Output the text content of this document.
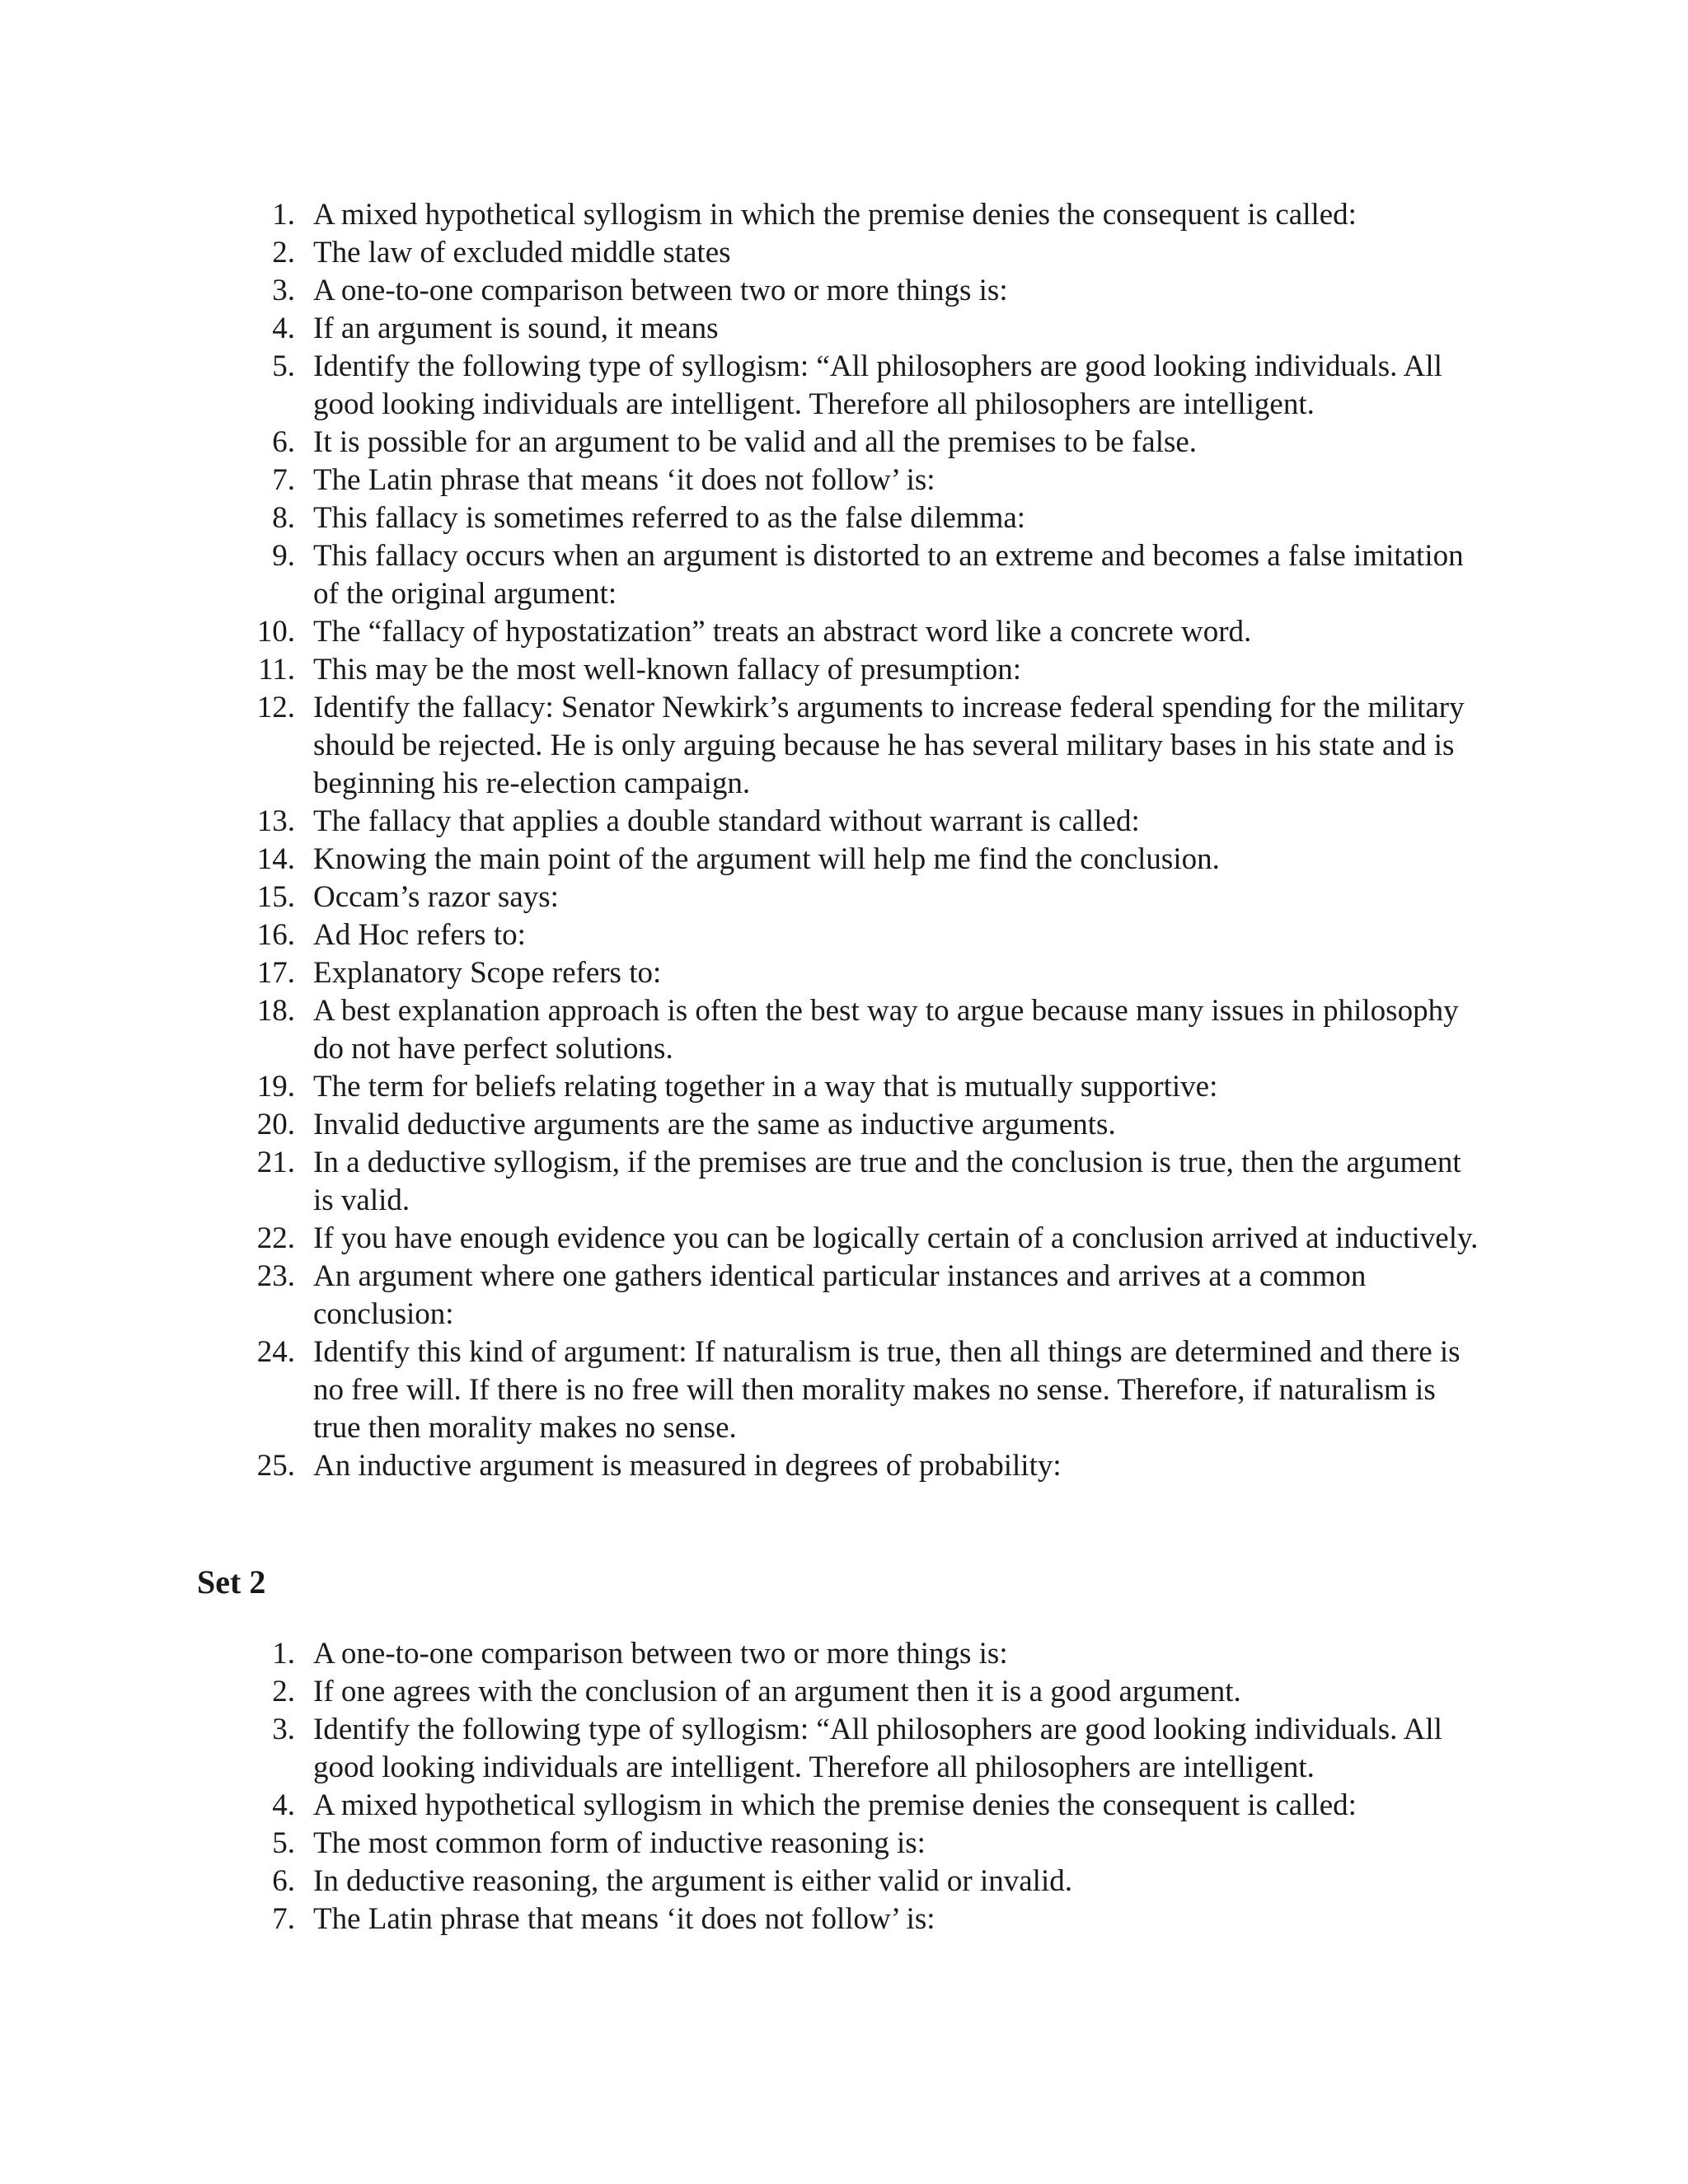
1. A mixed hypothetical syllogism in which the premise denies the consequent is called:
2. The law of excluded middle states
3. A one-to-one comparison between two or more things is:
4. If an argument is sound, it means
5. Identify the following type of syllogism: “All philosophers are good looking individuals. All good looking individuals are intelligent. Therefore all philosophers are intelligent.
6. It is possible for an argument to be valid and all the premises to be false.
7. The Latin phrase that means ‘it does not follow’ is:
8. This fallacy is sometimes referred to as the false dilemma:
9. This fallacy occurs when an argument is distorted to an extreme and becomes a false imitation of the original argument:
10. The “fallacy of hypostatization” treats an abstract word like a concrete word.
11. This may be the most well-known fallacy of presumption:
12. Identify the fallacy: Senator Newkirk’s arguments to increase federal spending for the military should be rejected. He is only arguing because he has several military bases in his state and is beginning his re-election campaign.
13. The fallacy that applies a double standard without warrant is called:
14. Knowing the main point of the argument will help me find the conclusion.
15. Occam’s razor says:
16. Ad Hoc refers to:
17. Explanatory Scope refers to:
18. A best explanation approach is often the best way to argue because many issues in philosophy do not have perfect solutions.
19. The term for beliefs relating together in a way that is mutually supportive:
20. Invalid deductive arguments are the same as inductive arguments.
21. In a deductive syllogism, if the premises are true and the conclusion is true, then the argument is valid.
22. If you have enough evidence you can be logically certain of a conclusion arrived at inductively.
23. An argument where one gathers identical particular instances and arrives at a common conclusion:
24. Identify this kind of argument: If naturalism is true, then all things are determined and there is no free will. If there is no free will then morality makes no sense. Therefore, if naturalism is true then morality makes no sense.
25. An inductive argument is measured in degrees of probability:
Set 2
1. A one-to-one comparison between two or more things is:
2. If one agrees with the conclusion of an argument then it is a good argument.
3. Identify the following type of syllogism: “All philosophers are good looking individuals. All good looking individuals are intelligent. Therefore all philosophers are intelligent.
4. A mixed hypothetical syllogism in which the premise denies the consequent is called:
5. The most common form of inductive reasoning is:
6. In deductive reasoning, the argument is either valid or invalid.
7. The Latin phrase that means ‘it does not follow’ is:
